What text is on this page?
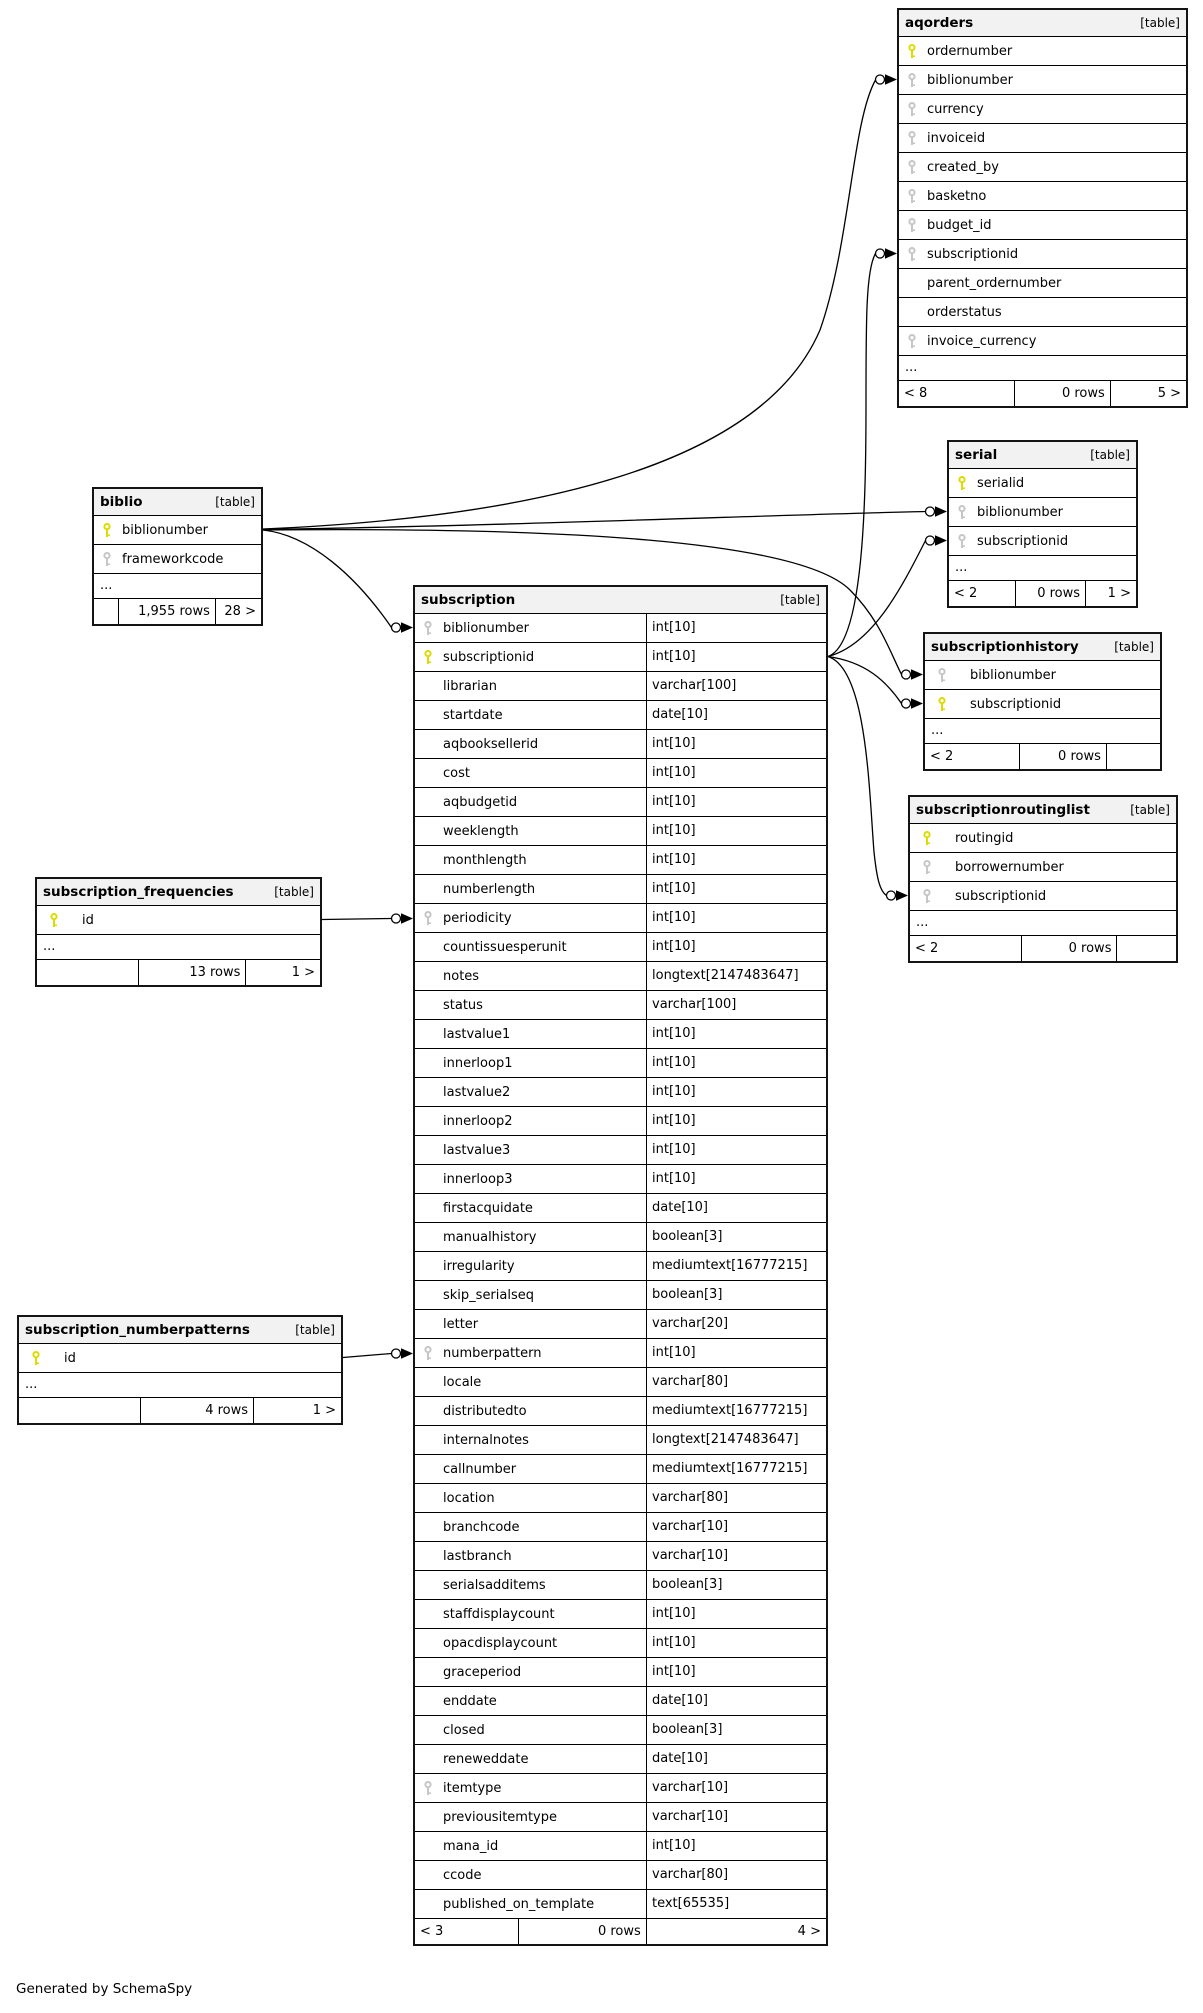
Generated by SchemaSpy
aqorders	[table]
ordernumber
biblionumber
currency
invoiceid
created_by
basketno
budget_id
subscriptionid
parent_ordernumber
orderstatus
invoice_currency
...
< 8	0 rows	5 >
serial	[table]
serialid
biblionumber
subscriptionid
...
< 2	0 rows	1 >
subscriptionhistory	[table]
biblionumber
subscriptionid
...
< 2	0 rows
subscriptionroutinglist	[table]
routingid
borrowernumber
subscriptionid
...
< 2	0 rows
biblio	[table]
biblionumber
frameworkcode
...
1,955 rows	28 >
subscription_frequencies	[table]
id
...
13 rows	1 >
subscription_numberpatterns	[table]
id
...
4 rows	1 >
subscription	[table]
biblionumber	int[10]
subscriptionid	int[10]
librarian	varchar[100]
startdate	date[10]
aqbooksellerid	int[10]
cost	int[10]
aqbudgetid	int[10]
weeklength	int[10]
monthlength	int[10]
numberlength	int[10]
periodicity	int[10]
countissuesperunit	int[10]
notes	longtext[2147483647]
status	varchar[100]
lastvalue1	int[10]
innerloop1	int[10]
lastvalue2	int[10]
innerloop2	int[10]
lastvalue3	int[10]
innerloop3	int[10]
firstacquidate	date[10]
manualhistory	boolean[3]
irregularity	mediumtext[16777215]
skip_serialseq	boolean[3]
letter	varchar[20]
numberpattern	int[10]
locale	varchar[80]
distributedto	mediumtext[16777215]
internalnotes	longtext[2147483647]
callnumber	mediumtext[16777215]
location	varchar[80]
branchcode	varchar[10]
lastbranch	varchar[10]
serialsadditems	boolean[3]
staffdisplaycount	int[10]
opacdisplaycount	int[10]
graceperiod	int[10]
enddate	date[10]
closed	boolean[3]
reneweddate	date[10]
itemtype	varchar[10]
previousitemtype	varchar[10]
mana_id	int[10]
ccode	varchar[80]
published_on_template	text[65535]
< 3	0 rows	4 >
